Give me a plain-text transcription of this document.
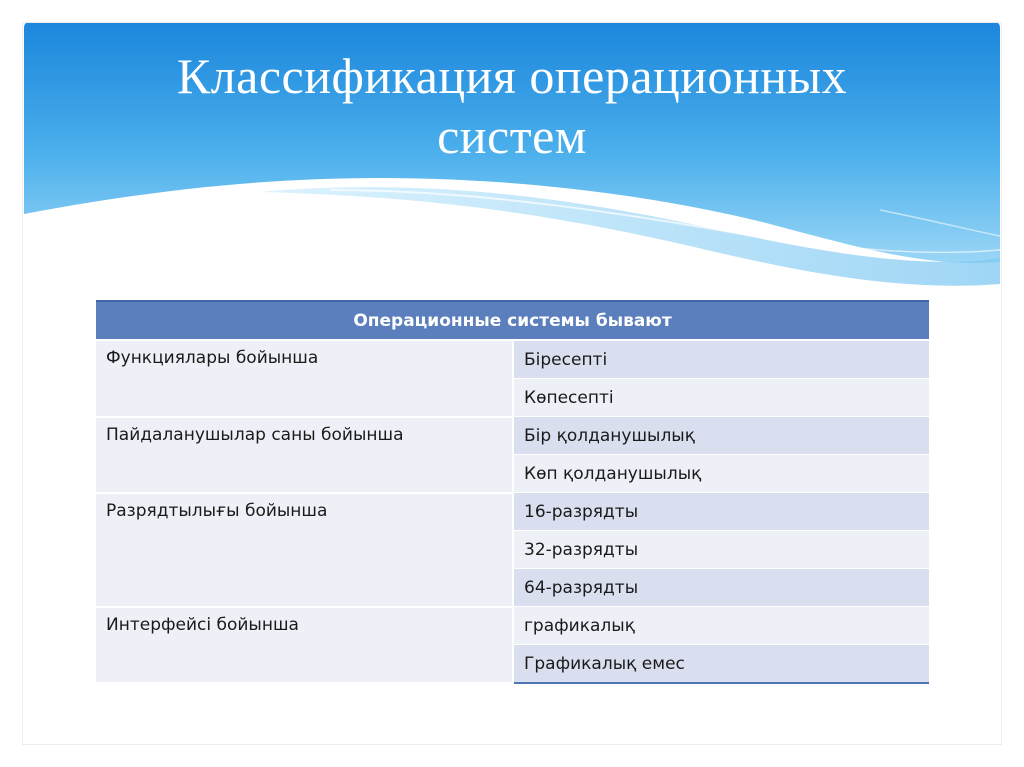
Классификация операционных
систем
Операционные системы бывают	
Функциялары бойынша	Біресепті
	Көпесепті
Пайдаланушылар саны бойынша	Бір қолданушылық
	Көп қолданушылық
Разрядтылығы бойынша	16-разрядты
	32-разрядты
	64-разрядты
Интерфейсі бойынша	графикалық
	Графикалық емес
